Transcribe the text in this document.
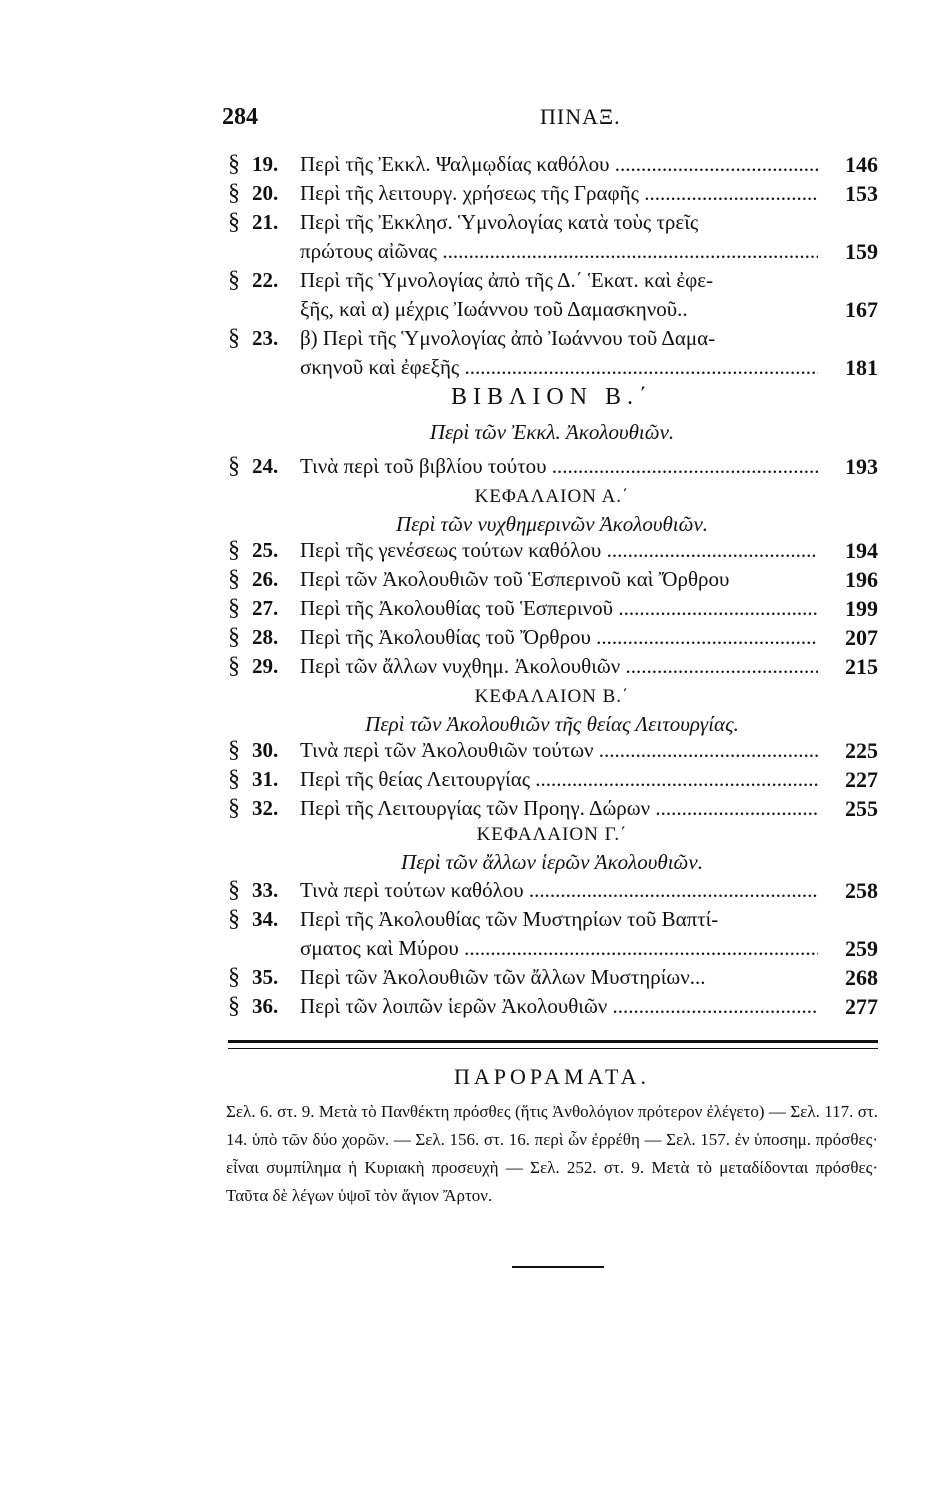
284	ΠΙΝΑΞ.
§ 19.	Περὶ τῆς Ἐκκλ. Ψαλμῳδίας καθόλου .....	146
§ 20.	Περὶ τῆς λειτουργ. χρήσεως τῆς Γραφῆς .....	153
§ 21.	Περὶ τῆς Ἐκκλησ. Ὑμνολογίας κατὰ τοὺς τρεῖς
πρώτους αἰῶνας .....	159
§ 22.	Περὶ τῆς Ὑμνολογίας ἀπὸ τῆς Δ.΄ Ἑκατ. καὶ ἐφε-
ξῆς, καὶ α) μέχρις Ἰωάννου τοῦ Δαμασκηνοῦ..	167
§ 23.	β) Περὶ τῆς Ὑμνολογίας ἀπὸ Ἰωάννου τοῦ Δαμα-
σκηνοῦ καὶ ἐφεξῆς .....	181
ΒΙΒΛΙΟΝ Β.΄
Περὶ τῶν Ἐκκλ. Ἀκολουθιῶν.
§ 24.	Τινὰ περὶ τοῦ βιβλίου τούτου .....	193
ΚΕΦΑΛΑΙΟΝ Α.΄
Περὶ τῶν νυχθημερινῶν Ἀκολουθιῶν.
§ 25.	Περὶ τῆς γενέσεως τούτων καθόλου .....	194
§ 26.	Περὶ τῶν Ἀκολουθιῶν τοῦ Ἑσπερινοῦ καὶ Ὄρθρου	196
§ 27.	Περὶ τῆς Ἀκολουθίας τοῦ Ἑσπερινοῦ .....	199
§ 28.	Περὶ τῆς Ἀκολουθίας τοῦ Ὄρθρου .....	207
§ 29.	Περὶ τῶν ἄλλων νυχθημ. Ἀκολουθιῶν .....	215
ΚΕΦΑΛΑΙΟΝ Β.΄
Περὶ τῶν Ἀκολουθιῶν τῆς θείας Λειτουργίας.
§ 30.	Τινὰ περὶ τῶν Ἀκολουθιῶν τούτων .....	225
§ 31.	Περὶ τῆς θείας Λειτουργίας .....	227
§ 32.	Περὶ τῆς Λειτουργίας τῶν Προηγ. Δώρων .....	255
ΚΕΦΑΛΑΙΟΝ Γ.΄
Περὶ τῶν ἄλλων ἱερῶν Ἀκολουθιῶν.
§ 33.	Τινὰ περὶ τούτων καθόλου .....	258
§ 34.	Περὶ τῆς Ἀκολουθίας τῶν Μυστηρίων τοῦ Βαπτί-
σματος καὶ Μύρου .....	259
§ 35.	Περὶ τῶν Ἀκολουθιῶν τῶν ἄλλων Μυστηρίων...	268
§ 36.	Περὶ τῶν λοιπῶν ἱερῶν Ἀκολουθιῶν .....	277
ΠΑΡΟΡΑΜΑΤΑ.
Σελ. 6. στ. 9. Μετὰ τὸ Πανθέκτη πρόσθες (ἥτις Ἀνθολόγιον πρότερον ἐλέγετο) — Σελ. 117. στ. 14. ὑπὸ τῶν δύο χορῶν. — Σελ. 156. στ. 16. περὶ ὧν ἐρρέθη — Σελ. 157. ἐν ὑποσημ. πρόσθες· εἶναι συμπίλημα ἡ Κυριακὴ προσευχὴ — Σελ. 252. στ. 9. Μετὰ τὸ μεταδίδονται πρόσθες· Ταῦτα δὲ λέγων ὑψοῖ τὸν ἅγιον Ἄρτον.
